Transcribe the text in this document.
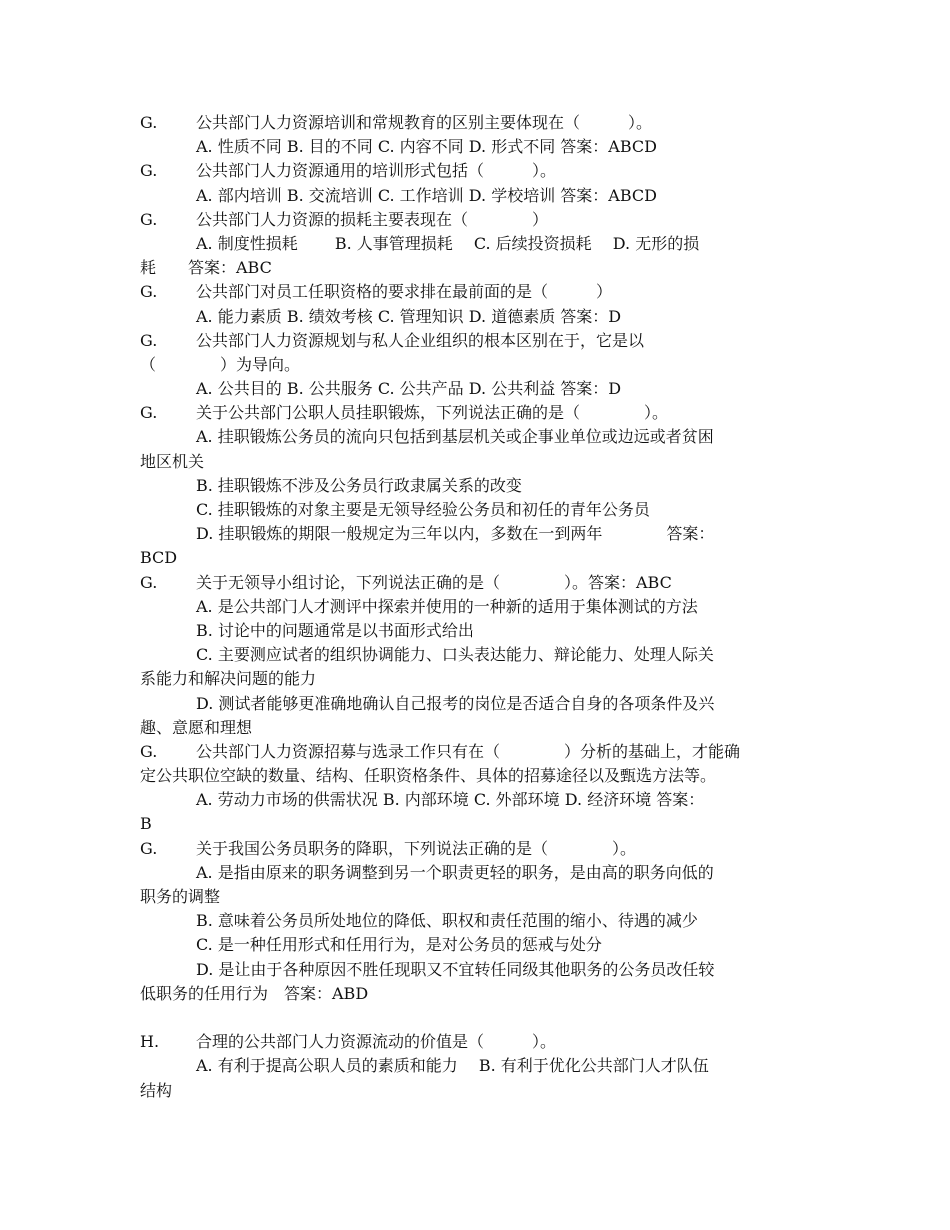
G. 公共部门人力资源培训和常规教育的区别主要体现在（　　　）。
A. 性质不同 B. 目的不同 C. 内容不同 D. 形式不同 答案：ABCD
G. 公共部门人力资源通用的培训形式包括（　　　）。
A. 部内培训 B. 交流培训 C. 工作培训 D. 学校培训 答案：ABCD
G. 公共部门人力资源的损耗主要表现在（　　　　）
A. 制度性损耗　　 B. 人事管理损耗　 C. 后续投资损耗　 D. 无形的损
耗　　答案：ABC
G. 公共部门对员工任职资格的要求排在最前面的是（　　　）
A. 能力素质 B. 绩效考核 C. 管理知识 D. 道德素质 答案：D
G. 公共部门人力资源规划与私人企业组织的根本区别在于，它是以
（　　　　）为导向。
A. 公共目的 B. 公共服务 C. 公共产品 D. 公共利益 答案：D
G. 关于公共部门公职人员挂职锻炼，下列说法正确的是（　　　　）。
A. 挂职锻炼公务员的流向只包括到基层机关或企事业单位或边远或者贫困
地区机关
B. 挂职锻炼不涉及公务员行政隶属关系的改变
C. 挂职锻炼的对象主要是无领导经验公务员和初任的青年公务员
D. 挂职锻炼的期限一般规定为三年以内，多数在一到两年　　　　答案：
BCD
G. 关于无领导小组讨论，下列说法正确的是（　　　　）。答案：ABC
A. 是公共部门人才测评中探索并使用的一种新的适用于集体测试的方法
B. 讨论中的问题通常是以书面形式给出
C. 主要测应试者的组织协调能力、口头表达能力、辩论能力、处理人际关
系能力和解决问题的能力
D. 测试者能够更准确地确认自己报考的岗位是否适合自身的各项条件及兴
趣、意愿和理想
G. 公共部门人力资源招募与选录工作只有在（　　　　）分析的基础上，才能确
定公共职位空缺的数量、结构、任职资格条件、具体的招募途径以及甄选方法等。
A. 劳动力市场的供需状况 B. 内部环境 C. 外部环境 D. 经济环境 答案：
B
G. 关于我国公务员职务的降职，下列说法正确的是（　　　　）。
A. 是指由原来的职务调整到另一个职责更轻的职务，是由高的职务向低的
职务的调整
B. 意味着公务员所处地位的降低、职权和责任范围的缩小、待遇的减少
C. 是一种任用形式和任用行为，是对公务员的惩戒与处分
D. 是让由于各种原因不胜任现职又不宜转任同级其他职务的公务员改任较
低职务的任用行为　答案：ABD
H. 合理的公共部门人力资源流动的价值是（　　　）。
A. 有利于提高公职人员的素质和能力　 B. 有利于优化公共部门人才队伍
结构
